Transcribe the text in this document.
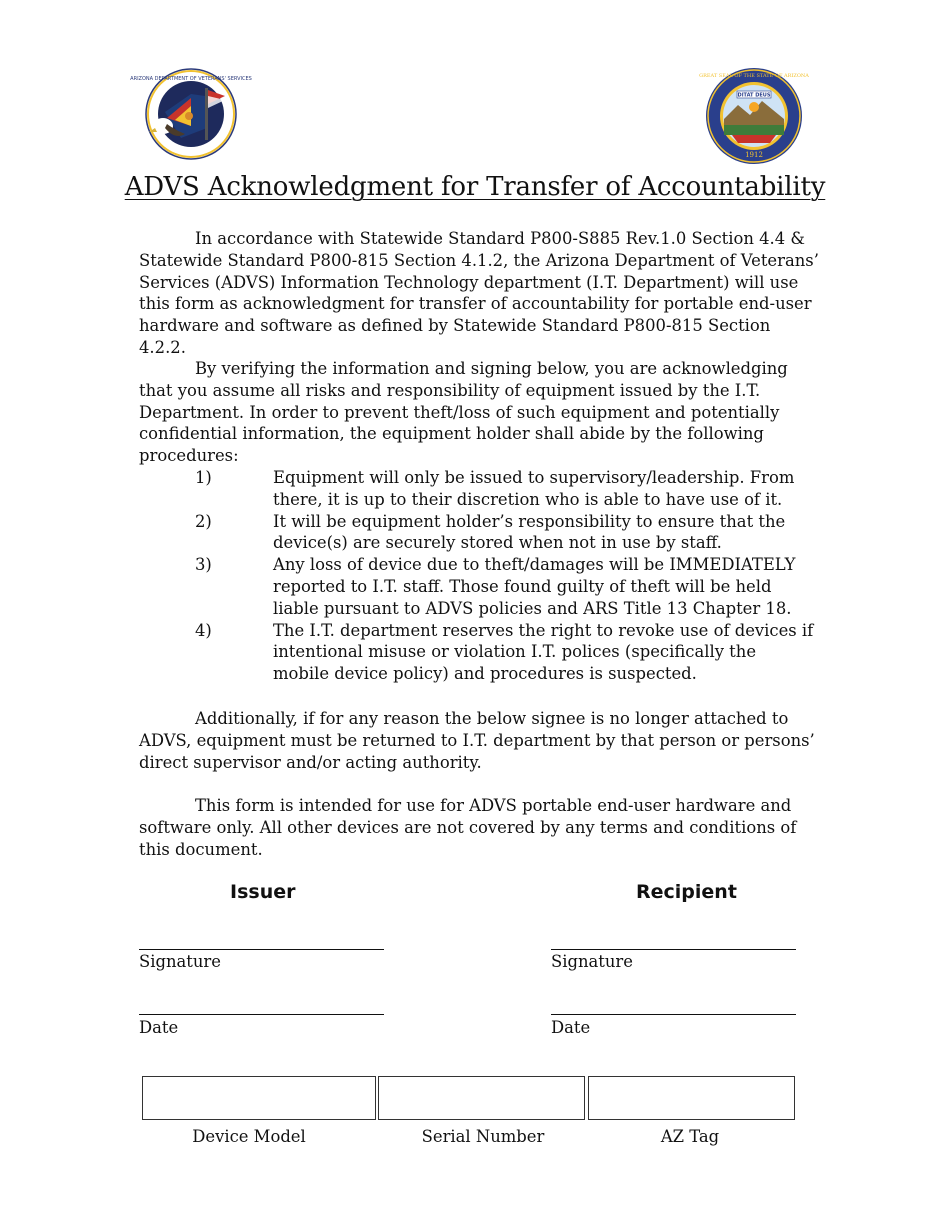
ARIZONA DEPARTMENT OF VETERANS' SERVICES
DITAT DEUS
1912
GREAT SEAL OF THE STATE OF ARIZONA
ADVS Acknowledgment for Transfer of Accountability

In accordance with Statewide Standard P800-S885 Rev.1.0 Section 4.4 & Statewide Standard P800-815 Section 4.1.2, the Arizona Department of Veterans’ Services (ADVS) Information Technology department (I.T. Department) will use this form as acknowledgment for transfer of accountability for portable end-user hardware and software as defined by Statewide Standard P800-815 Section 4.2.2.

By verifying the information and signing below, you are acknowledging that you assume all risks and responsibility of equipment issued by the I.T. Department. In order to prevent theft/loss of such equipment and potentially confidential information, the equipment holder shall abide by the following procedures:

1)	Equipment will only be issued to supervisory/leadership. From there, it is up to their discretion who is able to have use of it.
2)	It will be equipment holder’s responsibility to ensure that the device(s) are securely stored when not in use by staff.
3)	Any loss of device due to theft/damages will be IMMEDIATELY reported to I.T. staff. Those found guilty of theft will be held liable pursuant to ADVS policies and ARS Title 13 Chapter 18.
4)	The I.T. department reserves the right to revoke use of devices if intentional misuse or violation I.T. polices (specifically the mobile device policy) and procedures is suspected.

Additionally, if for any reason the below signee is no longer attached to ADVS, equipment must be returned to I.T. department by that person or persons’ direct supervisor and/or acting authority.

This form is intended for use for ADVS portable end-user hardware and software only. All other devices are not covered by any terms and conditions of this document.

Issuer	Recipient
Signature
Date
Signature
Date
Device Model	Serial Number	AZ Tag
